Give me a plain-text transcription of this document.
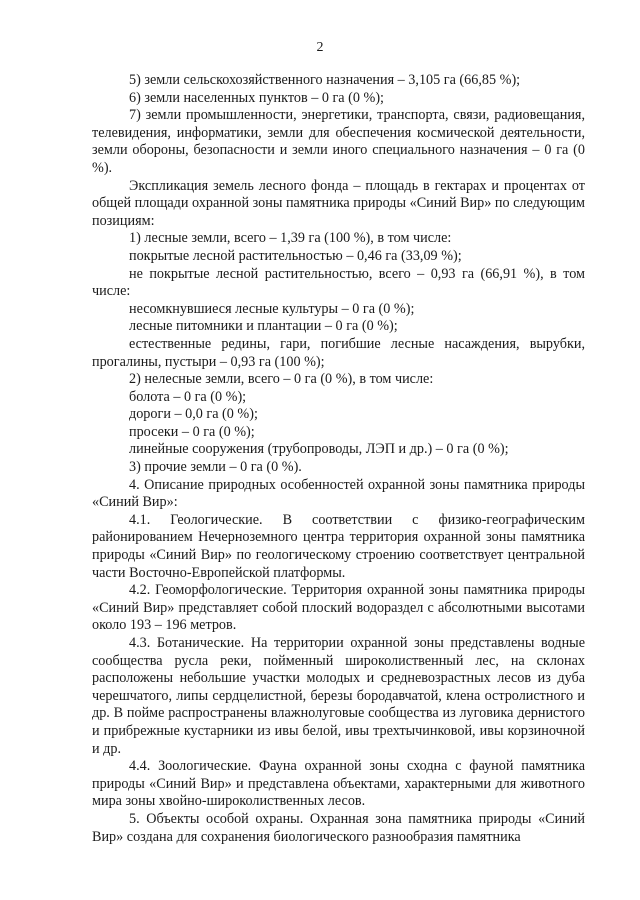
2

5) земли сельскохозяйственного назначения – 3,105 га (66,85 %);

6) земли населенных пунктов – 0 га (0 %);

7) земли промышленности, энергетики, транспорта, связи, радиовещания, телевидения, информатики, земли для обеспечения космической деятельности, земли обороны, безопасности и земли иного специального назначения – 0 га (0 %).

Экспликация земель лесного фонда – площадь в гектарах и процентах от общей площади охранной зоны памятника природы «Синий Вир» по следующим позициям:

1) лесные земли, всего – 1,39 га (100 %), в том числе:

покрытые лесной растительностью – 0,46 га (33,09 %);

не покрытые лесной растительностью, всего – 0,93 га (66,91 %), в том числе:

несомкнувшиеся лесные культуры – 0 га (0 %);

лесные питомники и плантации – 0 га (0 %);

естественные редины, гари, погибшие лесные насаждения, вырубки, прогалины, пустыри – 0,93 га (100 %);

2) нелесные земли, всего – 0 га (0 %), в том числе:

болота – 0 га (0 %);

дороги – 0,0 га (0 %);

просеки – 0 га (0 %);

линейные сооружения (трубопроводы, ЛЭП и др.) – 0 га (0 %);

3) прочие земли – 0 га (0 %).

4. Описание природных особенностей охранной зоны памятника природы «Синий Вир»:

4.1. Геологические. В соответствии с физико-географическим районированием Нечерноземного центра территория охранной зоны памятника природы «Синий Вир» по геологическому строению соответствует центральной части Восточно-Европейской платформы.

4.2. Геоморфологические. Территория охранной зоны памятника природы «Синий Вир» представляет собой плоский водораздел с абсолютными высотами около 193 – 196 метров.

4.3. Ботанические. На территории охранной зоны представлены водные сообщества русла реки, пойменный широколиственный лес, на склонах расположены небольшие участки молодых и средневозрастных лесов из дуба черешчатого, липы сердцелистной, березы бородавчатой, клена остролистного и др. В пойме распространены влажнолуговые сообщества из луговика дернистого и прибрежные кустарники из ивы белой, ивы трехтычинковой, ивы корзиночной и др.

4.4. Зоологические. Фауна охранной зоны сходна с фауной памятника природы «Синий Вир» и представлена объектами, характерными для животного мира зоны хвойно-широколиственных лесов.

5. Объекты особой охраны. Охранная зона памятника природы «Синий Вир» создана для сохранения биологического разнообразия памятника
